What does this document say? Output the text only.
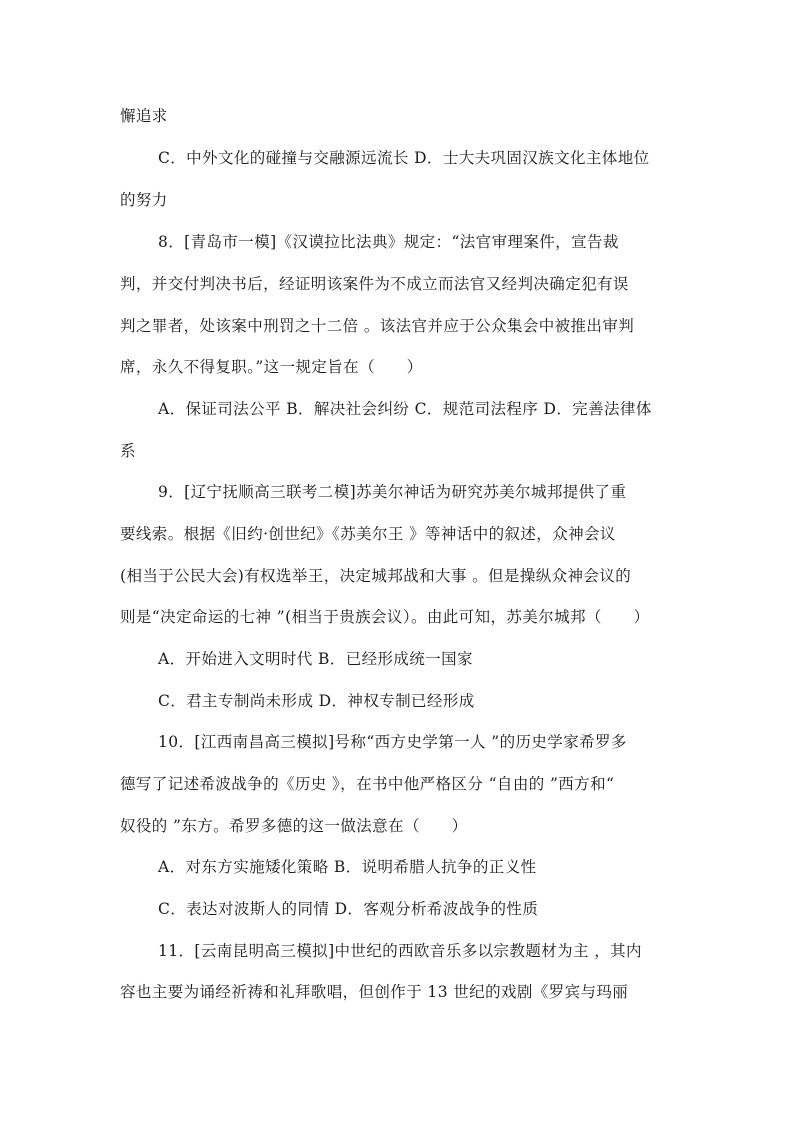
懈追求
C．中外文化的碰撞与交融源远流长 D．士大夫巩固汉族文化主体地位
的努力
8．[青岛市一模]《汉谟拉比法典》规定：“法官审理案件，宣告裁
判，并交付判决书后，经证明该案件为不成立而法官又经判决确定犯有误
判之罪者，处该案中刑罚之十二倍 。该法官并应于公众集会中被推出审判
席，永久不得复职。”这一规定旨在（　　）
A．保证司法公平 B．解决社会纠纷 C．规范司法程序 D．完善法律体
系
9．[辽宁抚顺高三联考二模]苏美尔神话为研究苏美尔城邦提供了重
要线索。根据《旧约·创世纪》《苏美尔王 》等神话中的叙述，众神会议
(相当于公民大会)有权选举王，决定城邦战和大事 。但是操纵众神会议的
则是“决定命运的七神 ”(相当于贵族会议）。由此可知，苏美尔城邦（　　）
A．开始进入文明时代 B．已经形成统一国家
C．君主专制尚未形成 D．神权专制已经形成
10．[江西南昌高三模拟]号称“西方史学第一人 ”的历史学家希罗多
德写了记述希波战争的《历史 》，在书中他严格区分 “自由的 ”西方和“
奴役的 ”东方。希罗多德的这一做法意在（　　）
A．对东方实施矮化策略 B．说明希腊人抗争的正义性
C．表达对波斯人的同情 D．客观分析希波战争的性质
11．[云南昆明高三模拟]中世纪的西欧音乐多以宗教题材为主 ，其内
容也主要为诵经祈祷和礼拜歌唱，但创作于 13 世纪的戏剧《罗宾与玛丽
